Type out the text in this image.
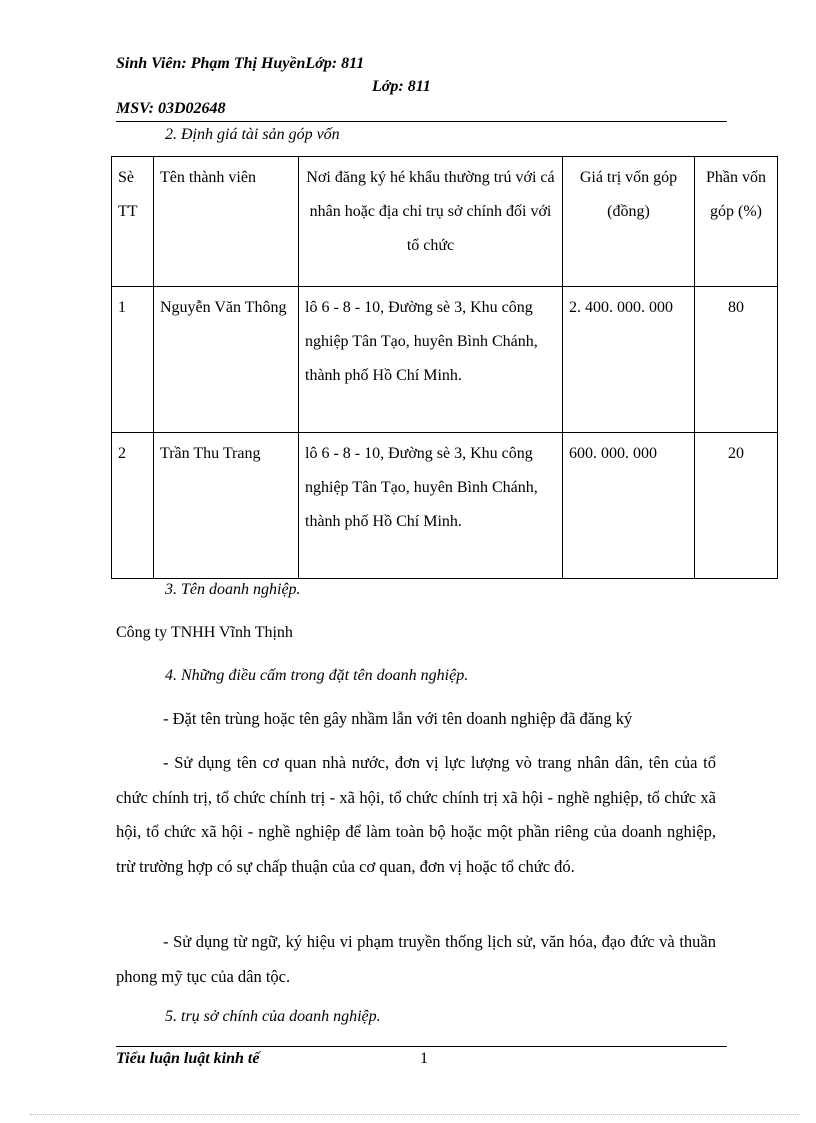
Sinh Viên: Phạm Thị HuyềnLớp: 811
Lớp: 811
MSV: 03D02648
2. Định giá tài sản góp vốn
Sè TT	Tên thành viên	Nơi đăng ký hé khẩu thường trú với cá nhân hoặc địa chỉ trụ sở chính đối với tổ chức	Giá trị vốn góp (đồng)	Phần vốn góp (%)
1	Nguyễn Văn Thông	lô 6 - 8 - 10, Đường sè 3, Khu công nghiệp Tân Tạo, huyên Bình Chánh, thành phố Hồ Chí Minh.	2. 400. 000. 000	80
2	Trần Thu Trang	lô 6 - 8 - 10, Đường sè 3, Khu công nghiệp Tân Tạo, huyên Bình Chánh, thành phố Hồ Chí Minh.	600. 000. 000	20
3. Tên doanh nghiệp.
Công ty TNHH Vĩnh Thịnh
4. Những điều cấm trong đặt tên doanh nghiệp.

- Đặt tên trùng hoặc tên gây nhầm lẫn với tên doanh nghiệp đã đăng ký

- Sử dụng tên cơ quan nhà nước, đơn vị lực lượng vò trang nhân dân, tên của tổ chức chính trị, tổ chức chính trị - xã hội, tổ chức chính trị xã hội - nghề nghiệp, tổ chức xã hội, tổ chức xã hội - nghề nghiệp để làm toàn bộ hoặc một phần riêng của doanh nghiệp, trừ trường hợp có sự chấp thuận của cơ quan, đơn vị hoặc tổ chức đó.

- Sử dụng từ ngữ, ký hiệu vi phạm truyền thống lịch sử, văn hóa, đạo đức và thuần phong mỹ tục của dân tộc.

5. trụ sở chính của doanh nghiệp.
Tiểu luận luật kinh tế	1
